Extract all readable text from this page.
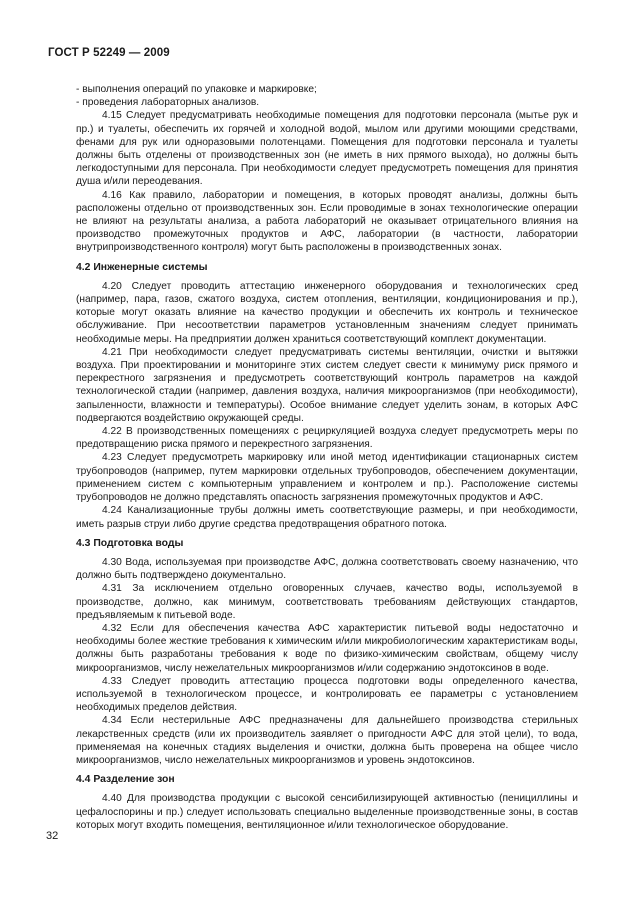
ГОСТ Р 52249 — 2009

- выполнения операций по упаковке и маркировке;

- проведения лабораторных анализов.

4.15 Следует предусматривать необходимые помещения для подготовки персонала (мытье рук и пр.) и туалеты, обеспечить их горячей и холодной водой, мылом или другими моющими средствами, фенами для рук или одноразовыми полотенцами. Помещения для подготовки персонала и туалеты должны быть отделены от производственных зон (не иметь в них прямого выхода), но должны быть легкодоступными для персонала. При необходимости следует предусмотреть помещения для принятия душа и/или переодевания.

4.16 Как правило, лаборатории и помещения, в которых проводят анализы, должны быть расположены отдельно от производственных зон. Если проводимые в зонах технологические операции не влияют на результаты анализа, а работа лабораторий не оказывает отрицательного влияния на производство промежуточных продуктов и АФС, лаборатории (в частности, лаборатории внутрипроизводственного контроля) могут быть расположены в производственных зонах.

4.2 Инженерные системы

4.20 Следует проводить аттестацию инженерного оборудования и технологических сред (например, пара, газов, сжатого воздуха, систем отопления, вентиляции, кондиционирования и пр.), которые могут оказать влияние на качество продукции и обеспечить их контроль и техническое обслуживание. При несоответствии параметров установленным значениям следует принимать необходимые меры. На предприятии должен храниться соответствующий комплект документации.

4.21 При необходимости следует предусматривать системы вентиляции, очистки и вытяжки воздуха. При проектировании и мониторинге этих систем следует свести к минимуму риск прямого и перекрестного загрязнения и предусмотреть соответствующий контроль параметров на каждой технологической стадии (например, давления воздуха, наличия микроорганизмов (при необходимости), запыленности, влажности и температуры). Особое внимание следует уделить зонам, в которых АФС подвергаются воздействию окружающей среды.

4.22 В производственных помещениях с рециркуляцией воздуха следует предусмотреть меры по предотвращению риска прямого и перекрестного загрязнения.

4.23 Следует предусмотреть маркировку или иной метод идентификации стационарных систем трубопроводов (например, путем маркировки отдельных трубопроводов, обеспечением документации, применением систем с компьютерным управлением и контролем и пр.). Расположение системы трубопроводов не должно представлять опасность загрязнения промежуточных продуктов и АФС.

4.24 Канализационные трубы должны иметь соответствующие размеры, и при необходимости, иметь разрыв струи либо другие средства предотвращения обратного потока.

4.3 Подготовка воды

4.30 Вода, используемая при производстве АФС, должна соответствовать своему назначению, что должно быть подтверждено документально.

4.31 За исключением отдельно оговоренных случаев, качество воды, используемой в производстве, должно, как минимум, соответствовать требованиям действующих стандартов, предъявляемым к питьевой воде.

4.32 Если для обеспечения качества АФС характеристик питьевой воды недостаточно и необходимы более жесткие требования к химическим и/или микробиологическим характеристикам воды, должны быть разработаны требования к воде по физико-химическим свойствам, общему числу микроорганизмов, числу нежелательных микроорганизмов и/или содержанию эндотоксинов в воде.

4.33 Следует проводить аттестацию процесса подготовки воды определенного качества, используемой в технологическом процессе, и контролировать ее параметры с установлением необходимых пределов действия.

4.34 Если нестерильные АФС предназначены для дальнейшего производства стерильных лекарственных средств (или их производитель заявляет о пригодности АФС для этой цели), то вода, применяемая на конечных стадиях выделения и очистки, должна быть проверена на общее число микроорганизмов, число нежелательных микроорганизмов и уровень эндотоксинов.

4.4 Разделение зон

4.40 Для производства продукции с высокой сенсибилизирующей активностью (пенициллины и цефалоспорины и пр.) следует использовать специально выделенные производственные зоны, в состав которых могут входить помещения, вентиляционное и/или технологическое оборудование.

32
